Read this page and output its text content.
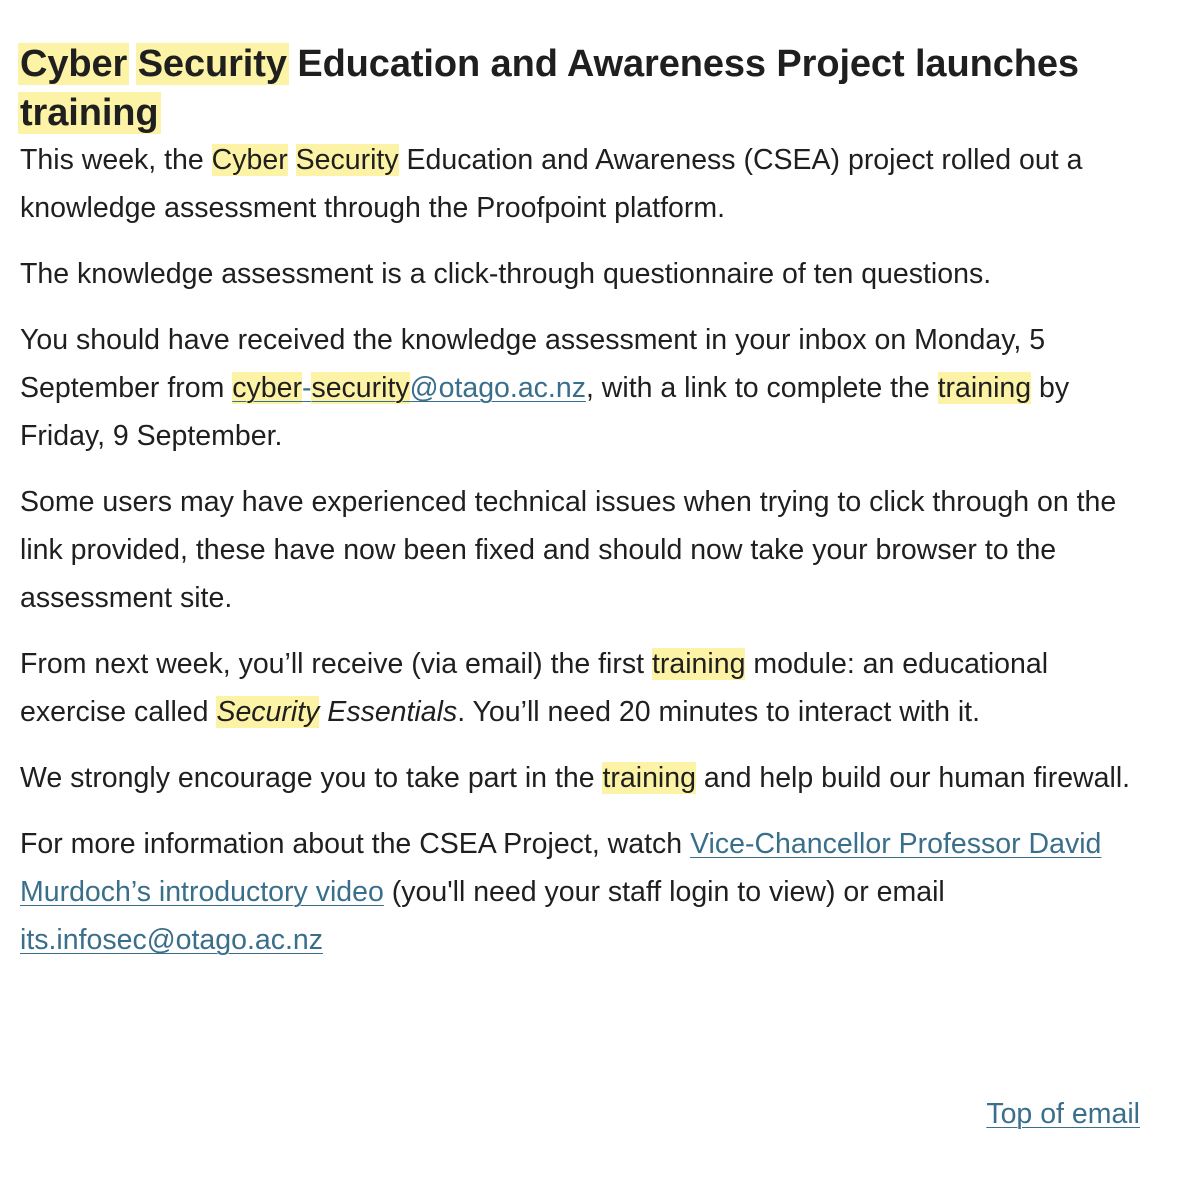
Cyber Security Education and Awareness Project launches training

This week, the Cyber Security Education and Awareness (CSEA) project rolled out a knowledge assessment through the Proofpoint platform.

The knowledge assessment is a click-through questionnaire of ten questions.

You should have received the knowledge assessment in your inbox on Monday, 5 September from cyber-security@otago.ac.nz, with a link to complete the training by Friday, 9 September.

Some users may have experienced technical issues when trying to click through on the link provided, these have now been fixed and should now take your browser to the assessment site.

From next week, you’ll receive (via email) the first training module: an educational exercise called Security Essentials. You’ll need 20 minutes to interact with it.

We strongly encourage you to take part in the training and help build our human firewall.

For more information about the CSEA Project, watch Vice-Chancellor Professor David Murdoch’s introductory video (you'll need your staff login to view) or email its.infosec@otago.ac.nz

Top of email
